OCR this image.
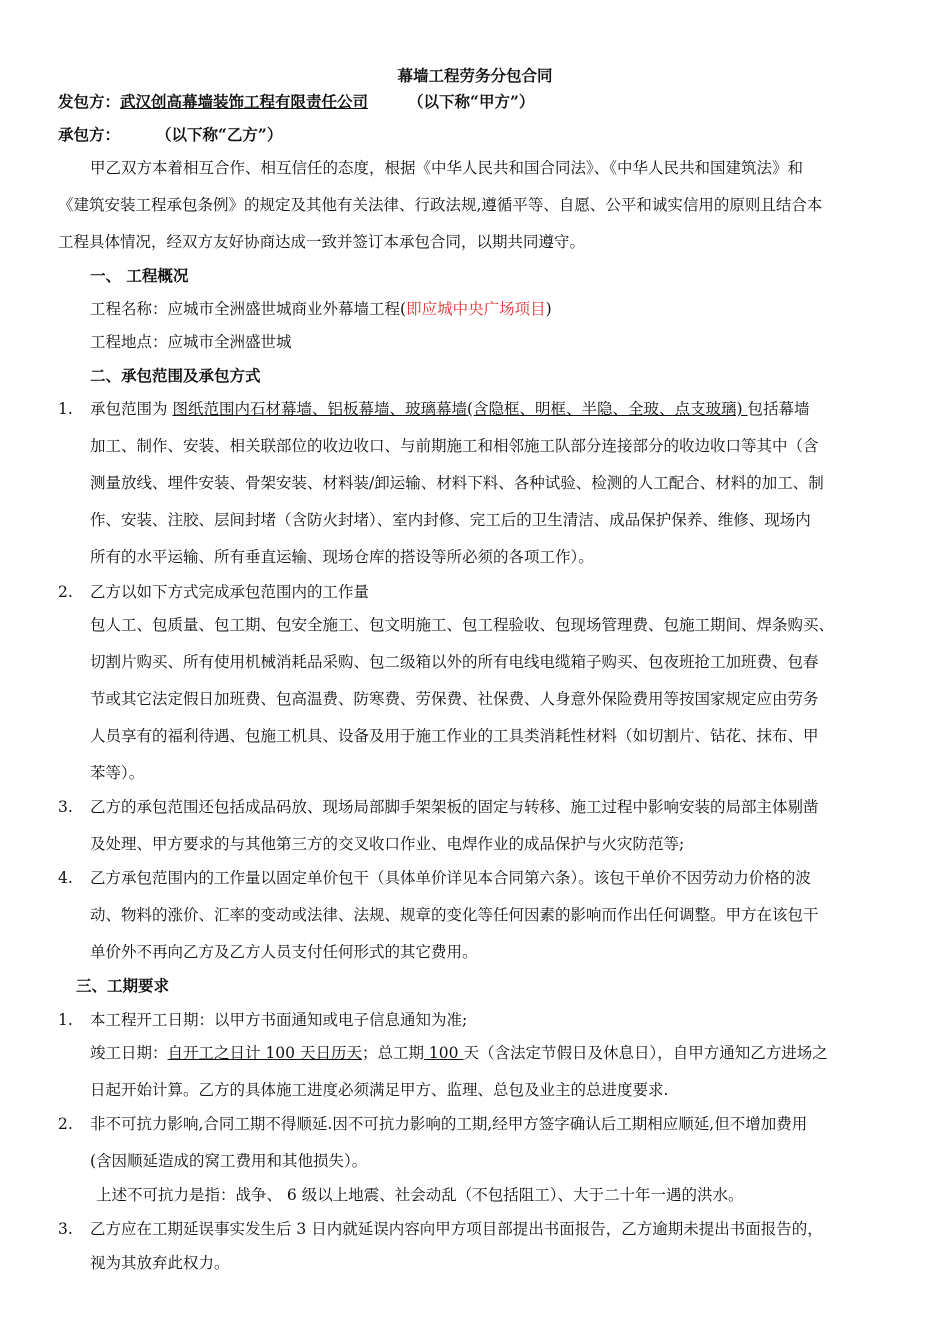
幕墙工程劳务分包合同
发包方：武汉创高幕墙装饰工程有限责任公司	（以下称“甲方”）
承包方： （以下称“乙方”）
甲乙双方本着相互合作、相互信任的态度，根据《中华人民共和国合同法》、《中华人民共和国建筑法》和
《建筑安装工程承包条例》的规定及其他有关法律、行政法规,遵循平等、自愿、公平和诚实信用的原则且结合本
工程具体情况，经双方友好协商达成一致并签订本承包合同，以期共同遵守。
一、 工程概况
工程名称：应城市全洲盛世城商业外幕墙工程(即应城中央广场项目)
工程地点：应城市全洲盛世城
二、承包范围及承包方式
1. 承包范围为 图纸范围内石材幕墙、铝板幕墙、玻璃幕墙(含隐框、明框、半隐、全玻、点支玻璃) 包括幕墙
加工、制作、安装、相关联部位的收边收口、与前期施工和相邻施工队部分连接部分的收边收口等其中（含
测量放线、埋件安装、骨架安装、材料装/卸运输、材料下料、各种试验、检测的人工配合、材料的加工、制
作、安装、注胶、层间封堵（含防火封堵）、室内封修、完工后的卫生清洁、成品保护保养、维修、现场内
所有的水平运输、所有垂直运输、现场仓库的搭设等所必须的各项工作）。
2. 乙方以如下方式完成承包范围内的工作量
包人工、包质量、包工期、包安全施工、包文明施工、包工程验收、包现场管理费、包施工期间、焊条购买、
切割片购买、所有使用机械消耗品采购、包二级箱以外的所有电线电缆箱子购买、包夜班抢工加班费、包春
节或其它法定假日加班费、包高温费、防寒费、劳保费、社保费、人身意外保险费用等按国家规定应由劳务
人员享有的福利待遇、包施工机具、设备及用于施工作业的工具类消耗性材料（如切割片、钻花、抹布、甲
苯等）。
3. 乙方的承包范围还包括成品码放、现场局部脚手架架板的固定与转移、施工过程中影响安装的局部主体剔凿
及处理、甲方要求的与其他第三方的交叉收口作业、电焊作业的成品保护与火灾防范等;
4. 乙方承包范围内的工作量以固定单价包干（具体单价详见本合同第六条）。该包干单价不因劳动力价格的波
动、物料的涨价、汇率的变动或法律、法规、规章的变化等任何因素的影响而作出任何调整。甲方在该包干
单价外不再向乙方及乙方人员支付任何形式的其它费用。
三、工期要求
1. 本工程开工日期：以甲方书面通知或电子信息通知为准;
竣工日期：自开工之日计 100 天日历天；总工期 100 天（含法定节假日及休息日），自甲方通知乙方进场之
日起开始计算。乙方的具体施工进度必须满足甲方、监理、总包及业主的总进度要求.
2. 非不可抗力影响,合同工期不得顺延.因不可抗力影响的工期,经甲方签字确认后工期相应顺延,但不增加费用
(含因顺延造成的窝工费用和其他损失）。
上述不可抗力是指：战争、 6 级以上地震、社会动乱（不包括阻工）、大于二十年一遇的洪水。
3. 乙方应在工期延误事实发生后 3 日内就延误内容向甲方项目部提出书面报告，乙方逾期未提出书面报告的，
视为其放弃此权力。
